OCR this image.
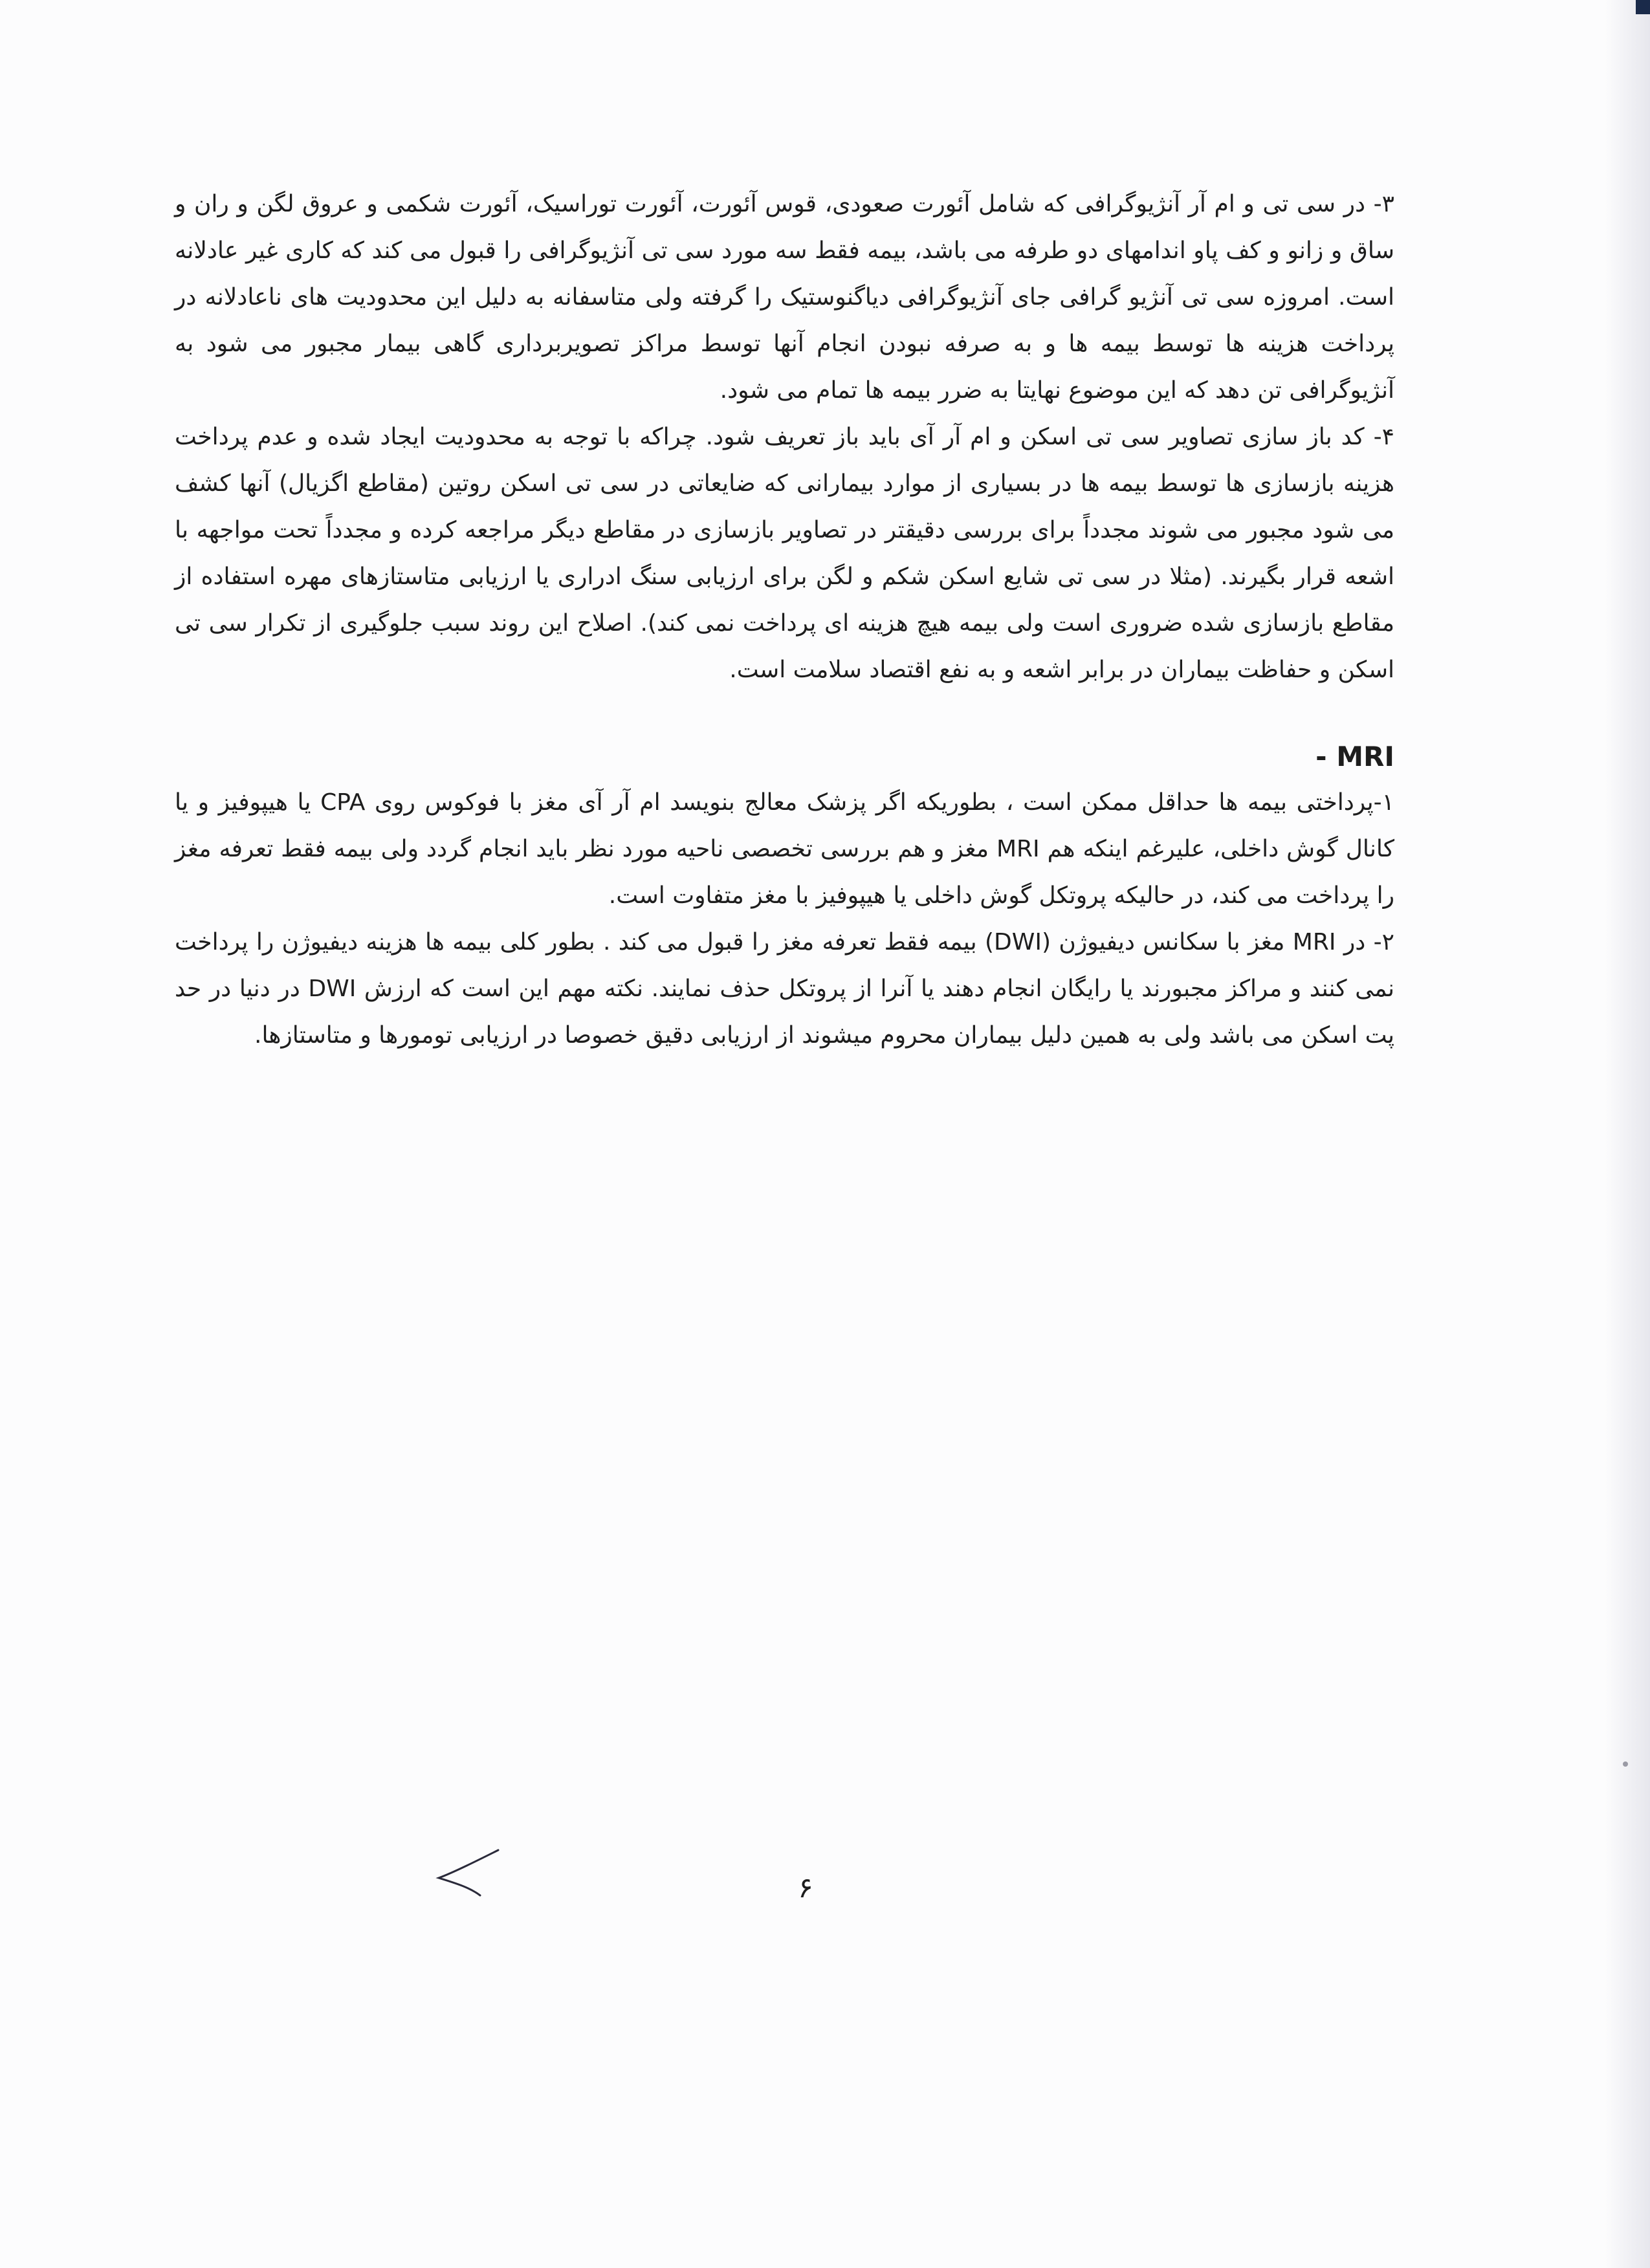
۳- در سی تی و ام آر آنژیوگرافی که شامل آئورت صعودی، قوس آئورت، آئورت توراسیک، آئورت شکمی و عروق لگن و ران و ساق و زانو و کف پاو اندامهای دو طرفه می باشد، بیمه فقط سه مورد سی تی آنژیوگرافی را قبول می کند که کاری غیر عادلانه است. امروزه سی تی آنژیو گرافی جای آنژیوگرافی دیاگنوستیک را گرفته ولی متاسفانه به دلیل این محدودیت های ناعادلانه در پرداخت هزینه ها توسط بیمه ها و به صرفه نبودن انجام آنها توسط مراکز تصویربرداری گاهی بیمار مجبور می شود به آنژیوگرافی تن دهد که این موضوع نهایتا به ضرر بیمه ها تمام می شود.

۴- کد باز سازی تصاویر سی تی اسکن و ام آر آی باید باز تعریف شود. چراکه با توجه به محدودیت ایجاد شده و عدم پرداخت هزینه بازسازی ها توسط بیمه ها در بسیاری از موارد بیمارانی که ضایعاتی در سی تی اسکن روتین (مقاطع اگزیال) آنها کشف می شود مجبور می شوند مجدداً برای بررسی دقیقتر در تصاویر بازسازی در مقاطع دیگر مراجعه کرده و مجدداً تحت مواجهه با اشعه قرار بگیرند. (مثلا در سی تی شایع اسکن شکم و لگن برای ارزیابی سنگ ادراری یا ارزیابی متاستازهای مهره استفاده از مقاطع بازسازی شده ضروری است ولی بیمه هیچ هزینه ای پرداخت نمی کند). اصلاح این روند سبب جلوگیری از تکرار سی تی اسکن و حفاظت بیماران در برابر اشعه و به نفع اقتصاد سلامت است.

MRI -

۱-پرداختی بیمه ها حداقل ممکن است ، بطوریکه اگر پزشک معالج بنویسد ام آر آی مغز با فوکوس روی CPA یا هیپوفیز و یا کانال گوش داخلی، علیرغم اینکه هم MRI مغز و هم بررسی تخصصی ناحیه مورد نظر باید انجام گردد ولی بیمه فقط تعرفه مغز را پرداخت می کند، در حالیکه پروتکل گوش داخلی یا هیپوفیز با مغز متفاوت است.

۲- در MRI مغز با سکانس دیفیوژن (DWI) بیمه فقط تعرفه مغز را قبول می کند . بطور کلی بیمه ها هزینه دیفیوژن را پرداخت نمی کنند و مراکز مجبورند یا رایگان انجام دهند یا آنرا از پروتکل حذف نمایند. نکته مهم این است که ارزش DWI در دنیا در حد پت اسکن می باشد ولی به همین دلیل بیماران محروم میشوند از ارزیابی دقیق خصوصا در ارزیابی تومورها و متاستازها.

۶
